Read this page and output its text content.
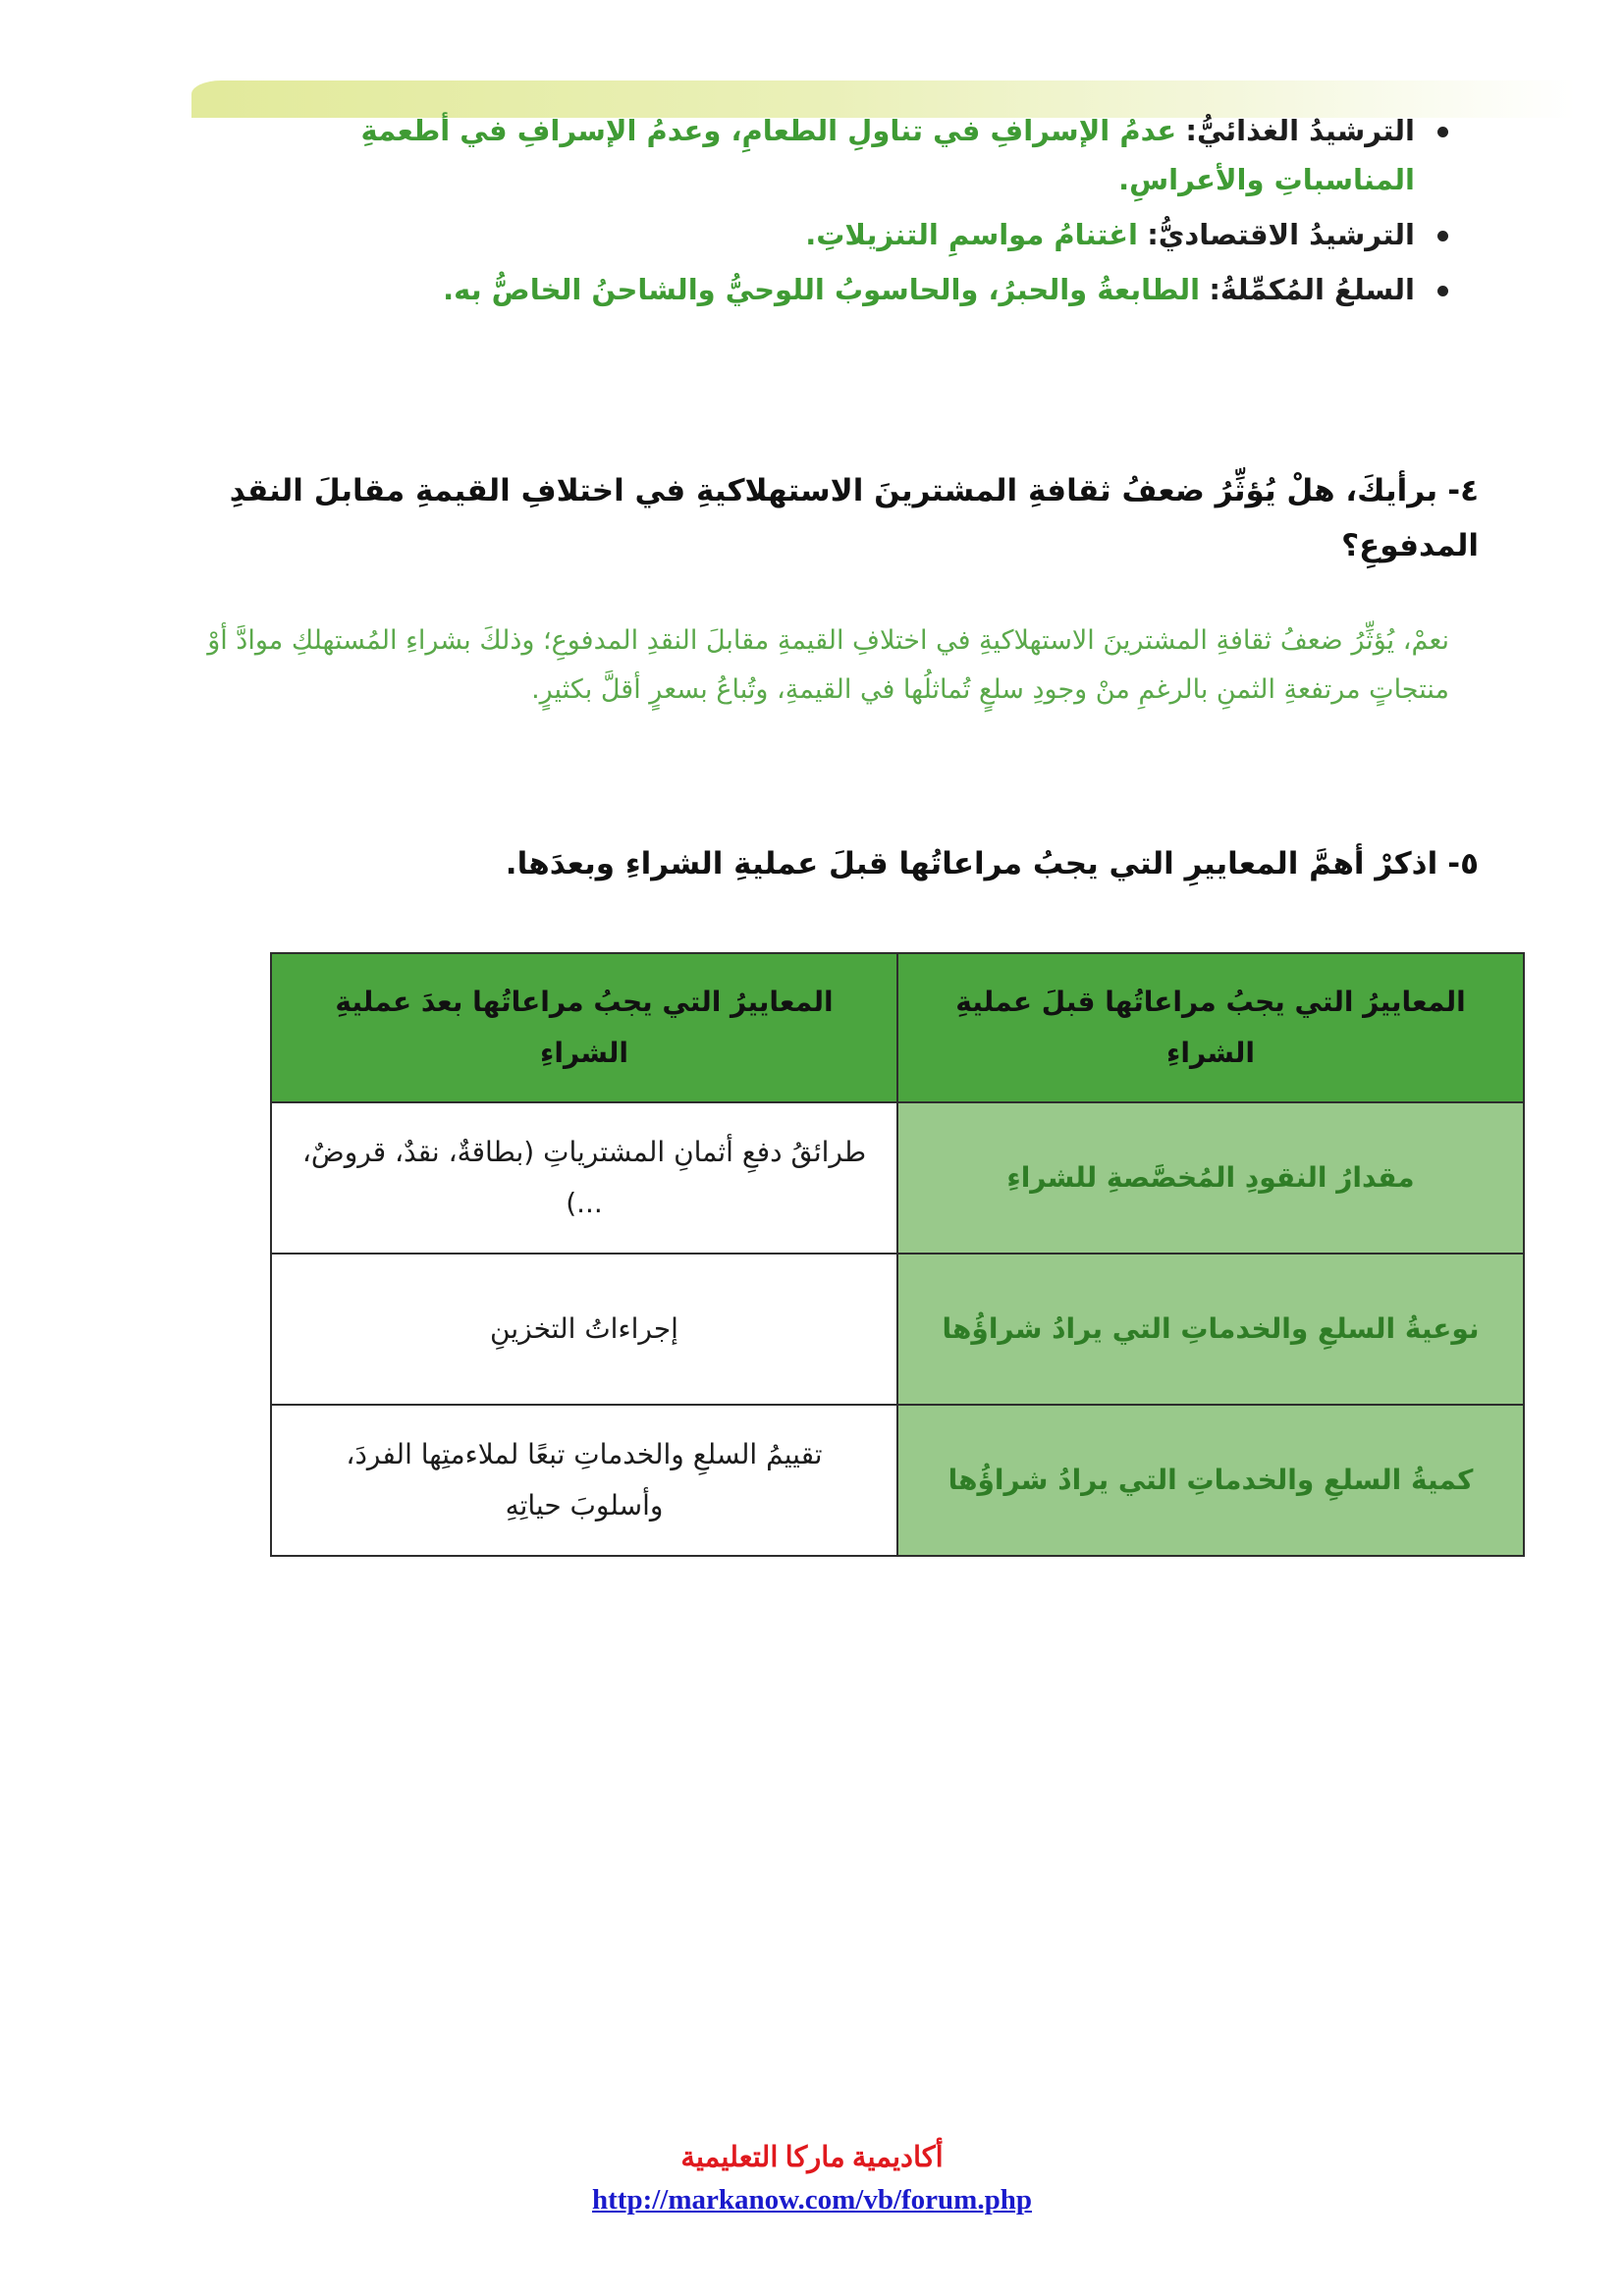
الترشيدُ الغذائيُّ: عدمُ الإسرافِ في تناولِ الطعامِ، وعدمُ الإسرافِ في أطعمةِ المناسباتِ والأعراسِ.
الترشيدُ الاقتصاديُّ: اغتنامُ مواسمِ التنزيلاتِ.
السلعُ المُكمِّلةُ: الطابعةُ والحبرُ، والحاسوبُ اللوحيُّ والشاحنُ الخاصُّ به.
٤-برأيكَ، هلْ يُؤثِّرُ ضعفُ ثقافةِ المشترينَ الاستهلاكيةِ في اختلافِ القيمةِ مقابلَ النقدِ المدفوعِ؟
نعمْ، يُؤثِّرُ ضعفُ ثقافةِ المشترينَ الاستهلاكيةِ في اختلافِ القيمةِ مقابلَ النقدِ المدفوعِ؛ وذلكَ بشراءِ المُستهلكِ موادَّ أوْ منتجاتٍ مرتفعةِ الثمنِ بالرغمِ منْ وجودِ سلعٍ تُماثلُها في القيمةِ، وتُباعُ بسعرٍ أقلَّ بكثيرٍ.
٥-اذكرْ أهمَّ المعاييرِ التي يجبُ مراعاتُها قبلَ عمليةِ الشراءِ وبعدَها.
المعاييرُ التي يجبُ مراعاتُها قبلَ عمليةِ الشراءِ	المعاييرُ التي يجبُ مراعاتُها بعدَ عمليةِ الشراءِ
مقدارُ النقودِ المُخصَّصةِ للشراءِ	طرائقُ دفعِ أثمانِ المشترياتِ (بطاقةٌ، نقدٌ، قروضٌ، ...)
نوعيةُ السلعِ والخدماتِ التي يرادُ شراؤُها	إجراءاتُ التخزينِ
كميةُ السلعِ والخدماتِ التي يرادُ شراؤُها	تقييمُ السلعِ والخدماتِ تبعًا لملاءمتِها الفردَ، وأسلوبَ حياتِهِ
أكاديمية ماركا التعليمية
http://markanow.com/vb/forum.php
